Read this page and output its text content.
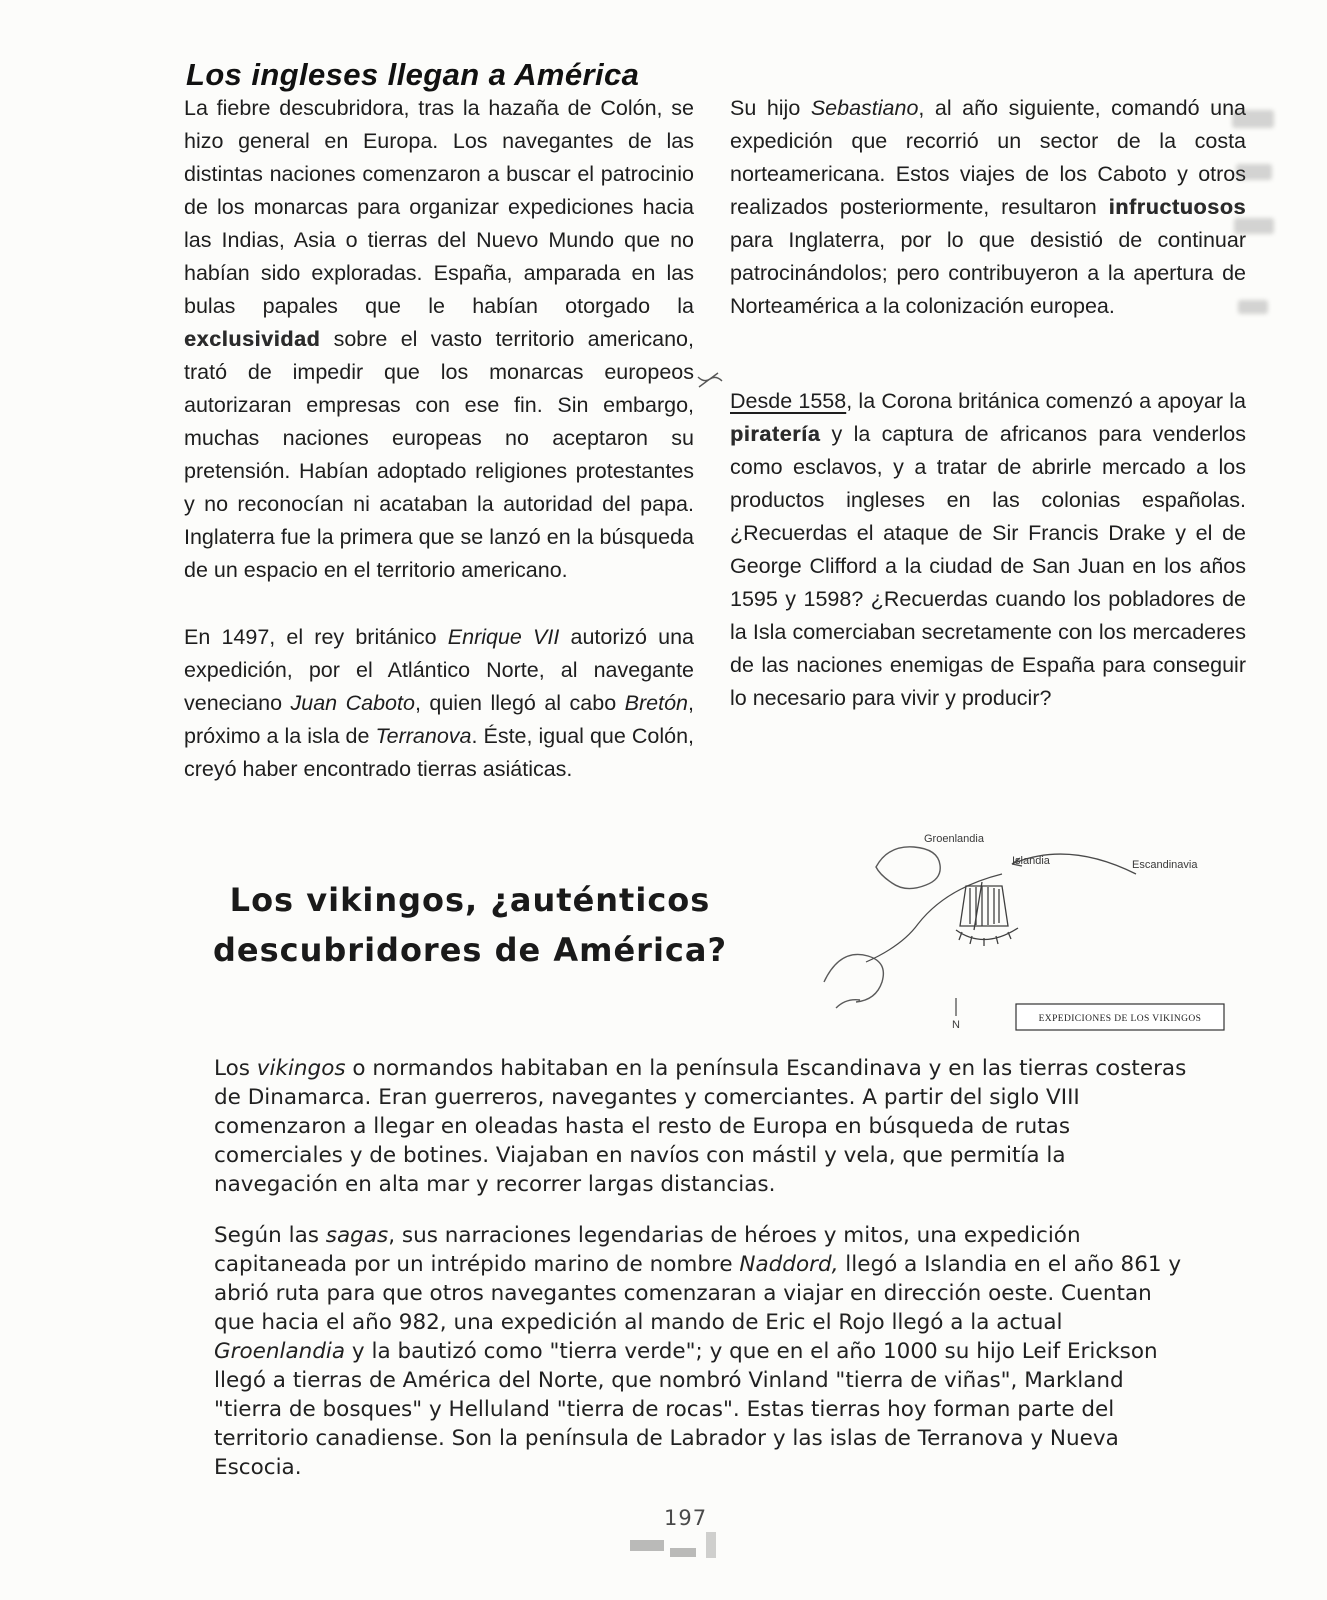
Los ingleses llegan a América

La fiebre descubridora, tras la hazaña de Colón, se hizo general en Europa. Los navegantes de las distintas naciones comenzaron a buscar el patrocinio de los monarcas para organizar expediciones hacia las Indias, Asia o tierras del Nuevo Mundo que no habían sido exploradas. España, amparada en las bulas papales que le habían otorgado la exclusividad sobre el vasto territorio americano, trató de impedir que los monarcas europeos autorizaran empresas con ese fin. Sin embargo, muchas naciones europeas no aceptaron su pretensión. Habían adoptado religiones protestantes y no reconocían ni acataban la autoridad del papa. Inglaterra fue la primera que se lanzó en la búsqueda de un espacio en el territorio americano.

En 1497, el rey británico Enrique VII autorizó una expedición, por el Atlántico Norte, al navegante veneciano Juan Caboto, quien llegó al cabo Bretón, próximo a la isla de Terranova. Éste, igual que Colón, creyó haber encontrado tierras asiáticas.

Su hijo Sebastiano, al año siguiente, comandó una expedición que recorrió un sector de la costa norteamericana. Estos viajes de los Caboto y otros realizados posteriormente, resultaron infructuosos para Inglaterra, por lo que desistió de continuar patrocinándolos; pero contribuyeron a la apertura de Norteamérica a la colonización europea.

Desde 1558, la Corona británica comenzó a apoyar la piratería y la captura de africanos para venderlos como esclavos, y a tratar de abrirle mercado a los productos ingleses en las colonias españolas. ¿Recuerdas el ataque de Sir Francis Drake y el de George Clifford a la ciudad de San Juan en los años 1595 y 1598? ¿Recuerdas cuando los pobladores de la Isla comerciaban secretamente con los mercaderes de las naciones enemigas de España para conseguir lo necesario para vivir y producir?

Los vikingos, ¿auténticos descubridores de América?
Groenlandia
Islandia	Escandinavia
N	EXPEDICIONES DE LOS VIKINGOS

Los vikingos o normandos habitaban en la península Escandinava y en las tierras costeras de Dinamarca. Eran guerreros, navegantes y comerciantes. A partir del siglo VIII comenzaron a llegar en oleadas hasta el resto de Europa en búsqueda de rutas comerciales y de botines. Viajaban en navíos con mástil y vela, que permitía la navegación en alta mar y recorrer largas distancias.

Según las sagas, sus narraciones legendarias de héroes y mitos, una expedición capitaneada por un intrépido marino de nombre Naddord, llegó a Islandia en el año 861 y abrió ruta para que otros navegantes comenzaran a viajar en dirección oeste. Cuentan que hacia el año 982, una expedición al mando de Eric el Rojo llegó a la actual Groenlandia y la bautizó como "tierra verde"; y que en el año 1000 su hijo Leif Erickson llegó a tierras de América del Norte, que nombró Vinland "tierra de viñas", Markland "tierra de bosques" y Helluland "tierra de rocas". Estas tierras hoy forman parte del territorio canadiense. Son la península de Labrador y las islas de Terranova y Nueva Escocia.

197
